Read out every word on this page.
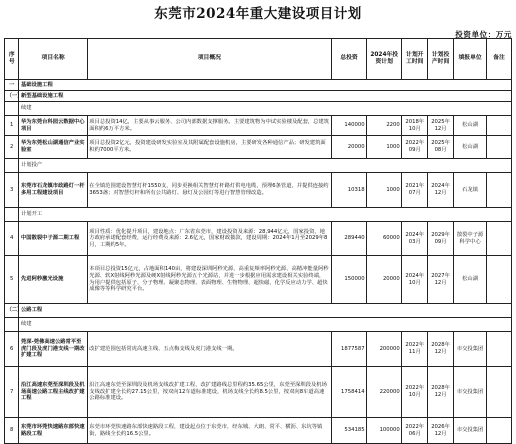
东莞市2024年重大建设项目计划
投资单位：万元
序号	项目名称	项目概况	总投资	2024年投资计划	计划开工时间	计划投产时间	填报单位	备注
一	基础设施工程							
（一）	新型基础设施工程							
	续建							
1	华为东莞台科园云数据中心项目	项目总投资14亿，主要从事云服务、公司内部数据支撑服务。主要建筑物为中试实验楼及配套，总建筑面积约6万平方米。	140000	2200	2018年10月	2025年12月	松山湖	
2	华为东莞松山湖通信产业实验室	项目总投资2亿元，投资建设研发实验室及其附属配套设施机房，主要研发各种通信产品；研发建筑面积约7000平方米。	20000	1000	2022年09月	2025年08月	松山湖	
	计划投产							
3	东莞市石龙镇市政路灯一杆多用工程建设项目	在全镇范围建设智慧灯杆1550支，同步更换相关智慧灯杆路灯供电电缆，预埋6条管道，并提供连接约3653盏；对智慧灯杆和所有公共路灯、悬灯及公园灯等进行智慧管理改造。	10318	1000	2021年07月	2024年12月	石龙镇	
	计划开工							
4	中国散裂中子源二期工程	项目性质：优化提升项目，建设地点：广东省东莞市，建设投资及来源：28,944亿元，国家投资，地方政府承诺配套经费，运行经费及来源：2.6亿元，国家财政拨款，建设周期：2024年1月至2029年8月，工期约5年。	289440	60000	2024年03月	2029年09月	散裂中子源科学中心	
5	先进阿秒激光设施	本项目总投资15亿元，占地面积140亩，将建设深圳阿秒光源、高重复频率阿秒光源、高精冲能量阿秒光源、软X射线阿秒光源及硬X射线阿秒光源五个光源站，并进一步根据应用需求建设相关实验终端，为用户提供包括原子、分子物理、凝聚态物理、表面物理、生物物理、超快磁、化学反应动力学、超快成像等等科学研究平台。	150000	20000	2024年10月	2027年12月	松山湖	
（二）	公路工程							
	续建							
6	莞深-莞佛高速公路常平至虎门段及虎门港支线一期改扩建工程	改扩建范围包括常虎高速主线、五点梅支线及虎门港支线一期。	1877587	200000	2022年11月	2028年12月	市交投集团	
7	沿江高速东莞至深圳段及机场高速公路工程主线改扩建工程	沿江高速东莞至深圳段及机场支线改扩建工程，改扩建路线总里程约35.65公里，东莞至深圳段及机场支线改扩建全长约27.15公里，按双向12车道标准建设，机场支线全长约8.5公里，按双向8车道高速公路标准建设。	1758414	220000	2022年10月	2028年12月	市交投集团	
8	东莞市环莞快速路东部快速路段工程	东莞市环莞快速路东部快速路段工程，建设起点位于东莞市，经东城、大朗、常平、横沥、东坑等镇街，路线全长约16.5公里。	534185	100000	2022年06月	2026年12月	市交投集团	
